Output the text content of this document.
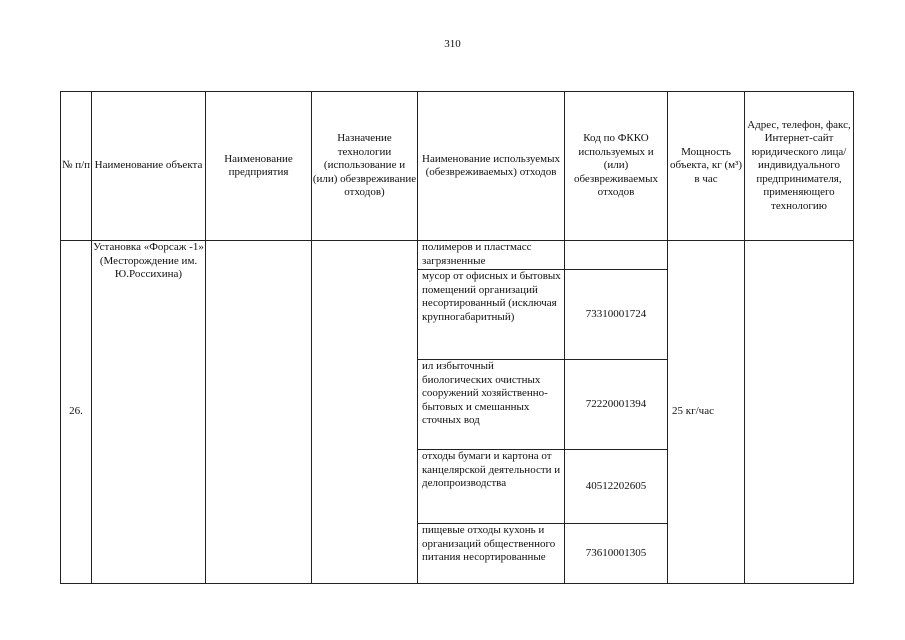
310
№ п/п	Наименование объекта	Наименование предприятия	Назначение технологии (использование и (или) обезвреживание отходов)	Наименование используемых (обезвреживаемых) отходов	Код по ФККО используемых и (или) обезвреживаемых отходов	Мощность объекта, кг (м³) в час	Адрес, телефон, факс, Интернет-сайт юридического лица/индивидуального предпринимателя, применяющего технологию
26.	Установка «Форсаж -1» (Месторождение им. Ю.Россихина)			полимеров и пластмасс загрязненные		25 кг/час	
				мусор от офисных и бытовых помещений организаций несортированный (исключая крупногабаритный)	73310001724		
				ил избыточный биологических очистных сооружений хозяйственно-бытовых и смешанных сточных вод	72220001394		
				отходы бумаги и картона от канцелярской деятельности и делопроизводства	40512202605		
				пищевые отходы кухонь и организаций общественного питания несортированные	73610001305		
